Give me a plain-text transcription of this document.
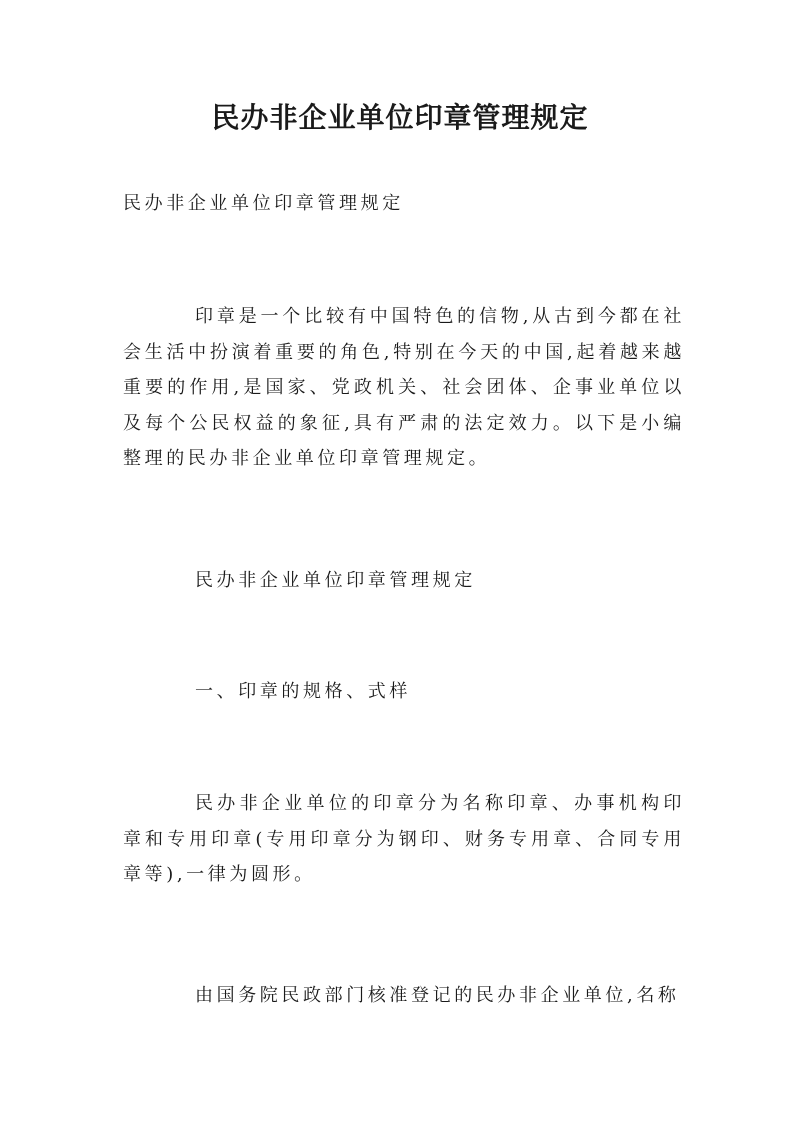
民办非企业单位印章管理规定

民办非企业单位印章管理规定

印章是一个比较有中国特色的信物,从古到今都在社会生活中扮演着重要的角色,特别在今天的中国,起着越来越重要的作用,是国家、党政机关、社会团体、企事业单位以及每个公民权益的象征,具有严肃的法定效力。以下是小编整理的民办非企业单位印章管理规定。

民办非企业单位印章管理规定

一、印章的规格、式样

民办非企业单位的印章分为名称印章、办事机构印章和专用印章(专用印章分为钢印、财务专用章、合同专用章等),一律为圆形。

由国务院民政部门核准登记的民办非企业单位,名称
